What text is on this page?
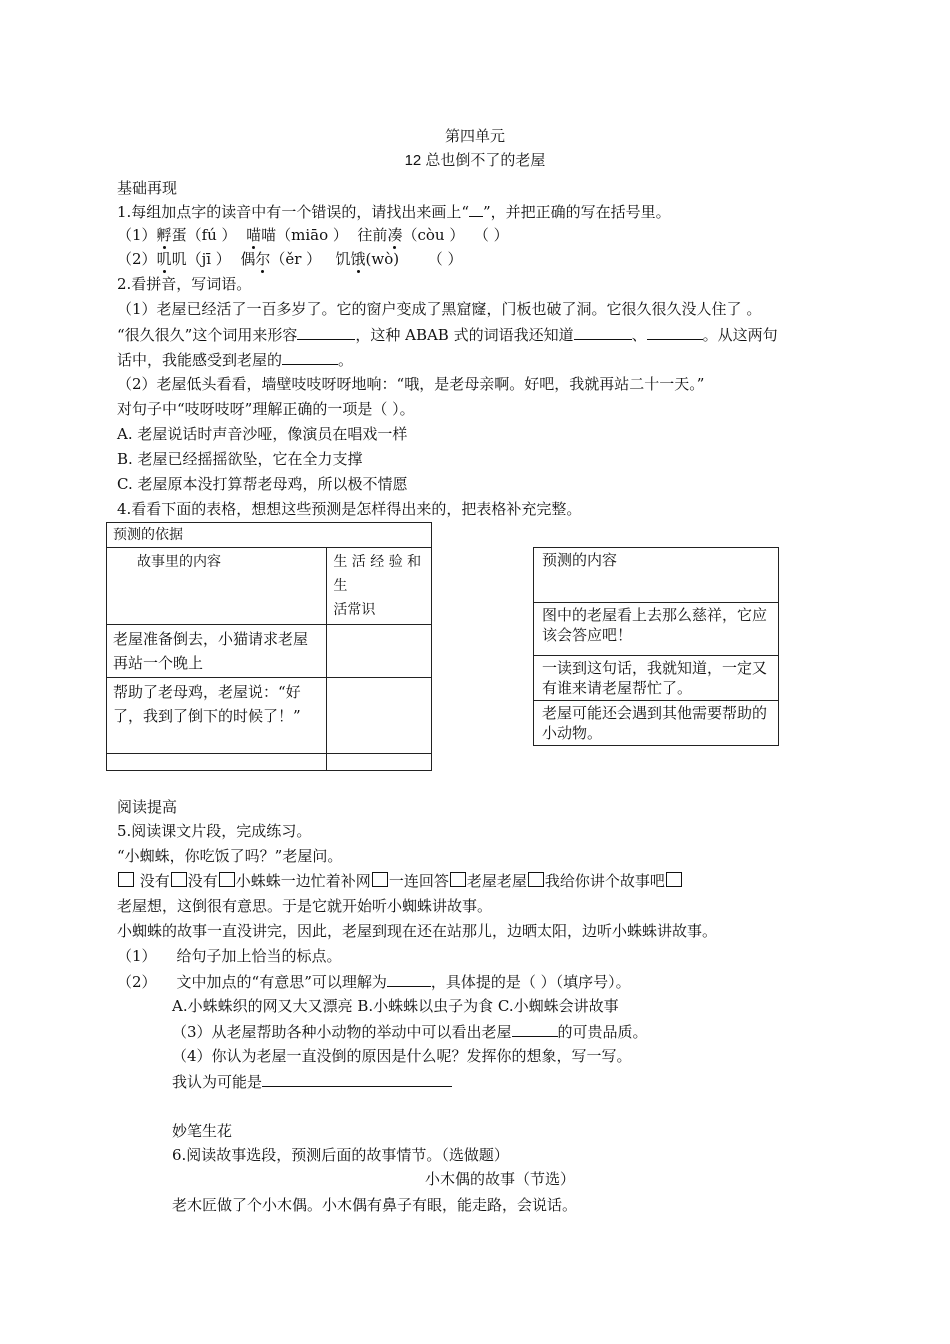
第四单元
12 总也倒不了的老屋
基础再现
1.每组加点字的读音中有一个错误的，请找出来画上“ ”，并把正确的写在括号里。
（1）孵蛋（fú ） 喵喵（miāo ） 往前凑（còu ） （ ）
（2）叽叽（jī ） 偶尔（ěr ） 饥饿(wò) （ ）
2.看拼音，写词语。
（1）老屋已经活了一百多岁了。它的窗户变成了黑窟窿，门板也破了洞。它很久很久没人住了 。
“很久很久”这个词用来形容	，这种 ABAB 式的词语我还知道	、	。从这两句
话中，我能感受到老屋的	。
（2）老屋低头看看，墙壁吱吱呀呀地响：“哦，是老母亲啊。好吧，我就再站二十一天。”
对句子中“吱呀吱呀”理解正确的一项是（ ）。
A. 老屋说话时声音沙哑，像演员在唱戏一样
B. 老屋已经摇摇欲坠，它在全力支撑
C. 老屋原本没打算帮老母鸡，所以极不情愿
4.看看下面的表格，想想这些预测是怎样得出来的，把表格补充完整。
预测的依据	
故事里的内容	生 活 经 验 和 生
活常识
老屋准备倒去，小猫请求老屋再站一个晚上	
帮助了老母鸡，老屋说：“好了，我到了倒下的时候了！”	

预测的内容
图中的老屋看上去那么慈祥，它应该会答应吧！
一读到这句话，我就知道，一定又有谁来请老屋帮忙了。
老屋可能还会遇到其他需要帮助的小动物。
阅读提高
5.阅读课文片段，完成练习。
“小蜘蛛，你吃饭了吗？”老屋问。
没有 没有 小蛛蛛一边忙着补网 一连回答 老屋老屋 我给你讲个故事吧
老屋想，这倒很有意思。于是它就开始听小蜘蛛讲故事。
小蜘蛛的故事一直没讲完，因此，老屋到现在还在站那儿，边晒太阳，边听小蛛蛛讲故事。
（1） 给句子加上恰当的标点。
（2） 文中加点的“有意思”可以理解为	，具体提的是（ ）（填序号）。
A.小蛛蛛织的网又大又漂亮 B.小蛛蛛以虫子为食 C.小蜘蛛会讲故事
（3）从老屋帮助各种小动物的举动中可以看出老屋	的可贵品质。
（4）你认为老屋一直没倒的原因是什么呢？发挥你的想象，写一写。
我认为可能是
妙笔生花
6.阅读故事选段，预测后面的故事情节。（选做题）
小木偶的故事（节选）
老木匠做了个小木偶。小木偶有鼻子有眼，能走路，会说话。
